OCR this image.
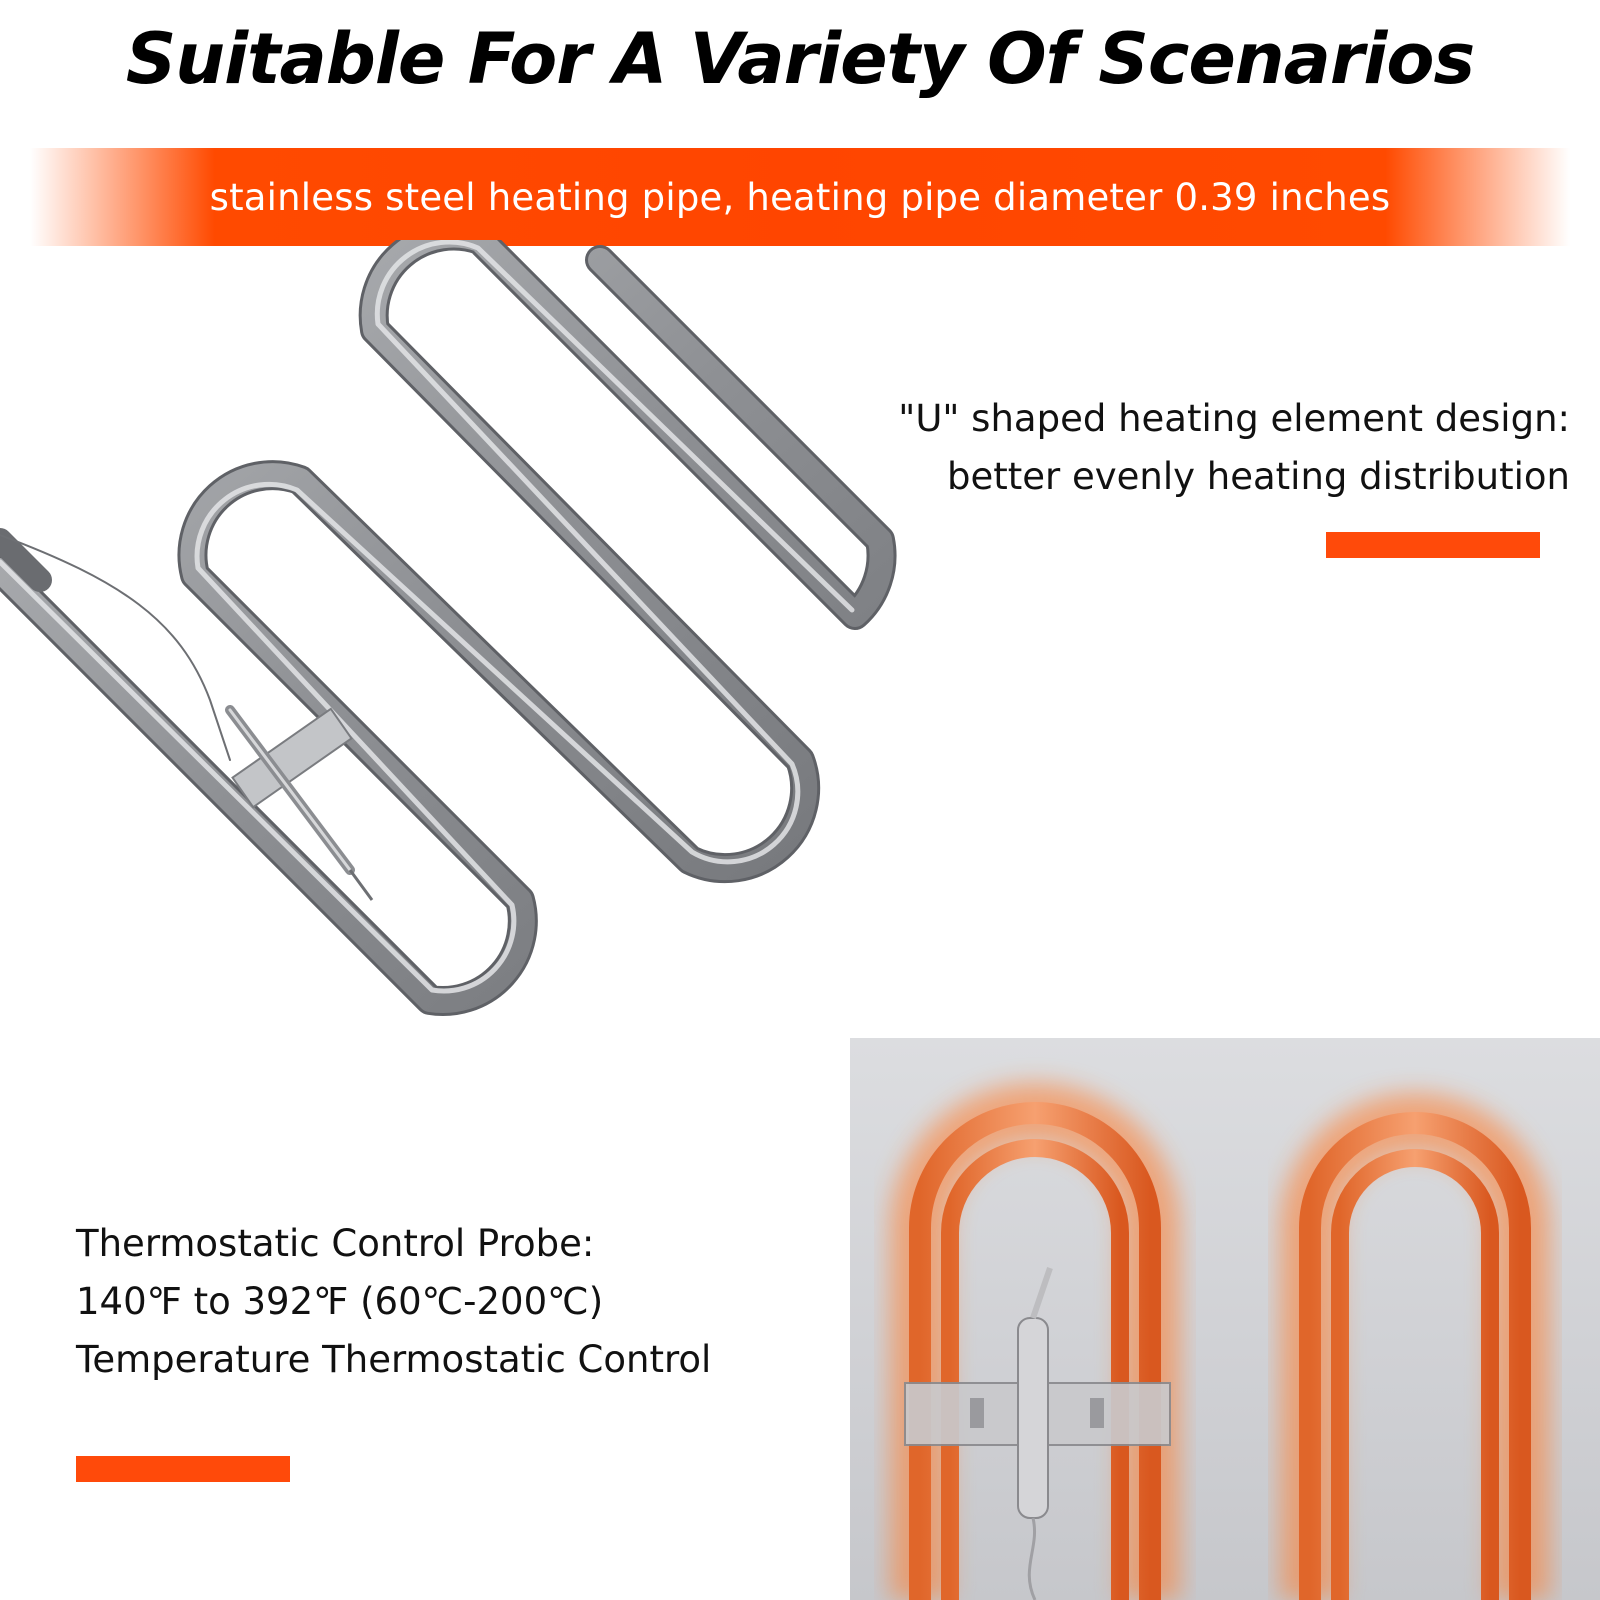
Suitable For A Variety Of Scenarios
stainless steel heating pipe, heating pipe diameter 0.39 inches

"U" shaped heating element design:

better evenly heating distribution

Thermostatic Control Probe:

140℉ to 392℉ (60℃-200℃)

Temperature Thermostatic Control
